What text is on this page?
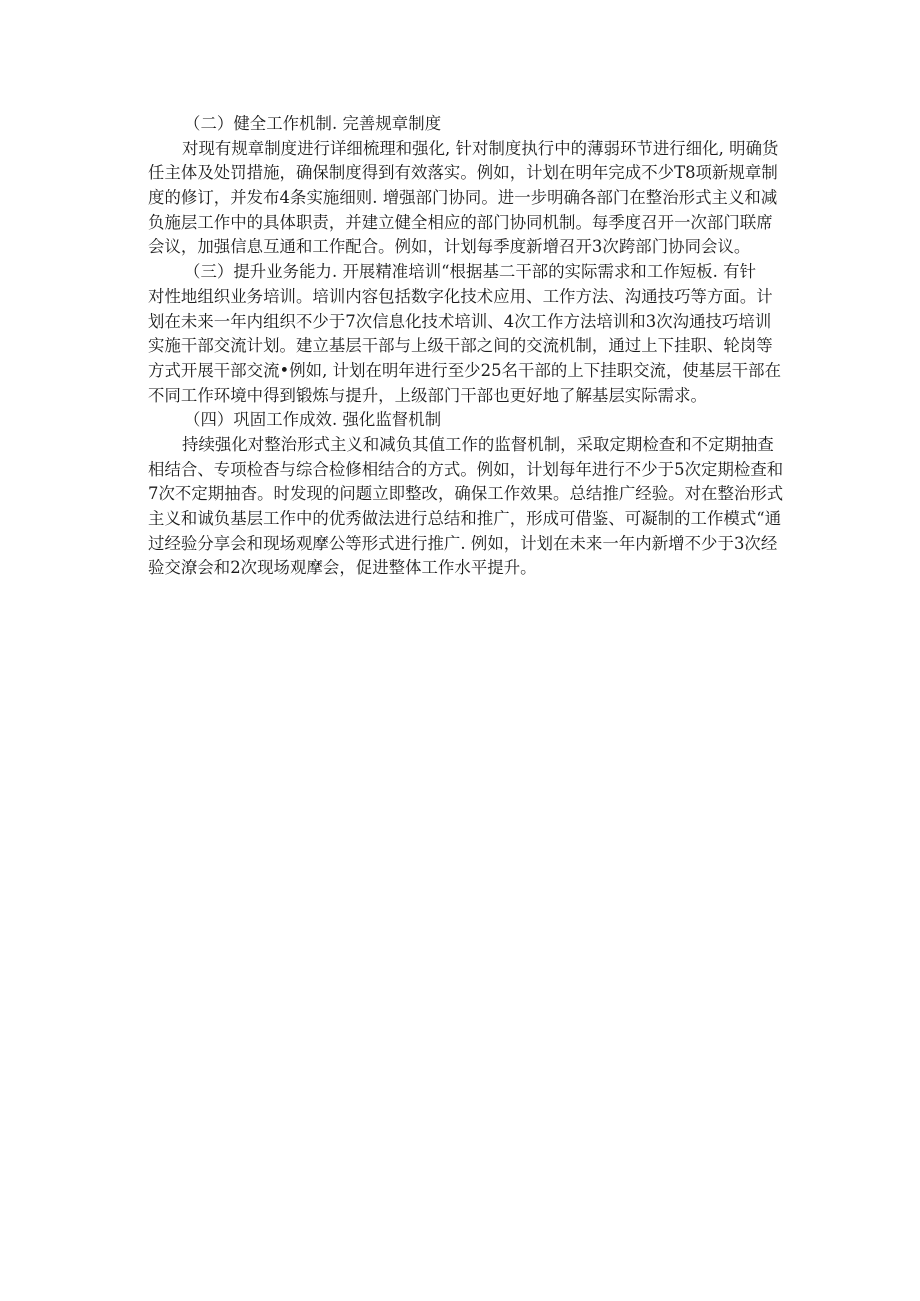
（二）健全工作机制. 完善规章制度
对现有规章制度进行详细梳理和强化, 针对制度执行中的薄弱环节进行细化, 明确货
任主体及处罚措施，确保制度得到有效落实。例如，计划在明年完成不少T8项新规章制
度的修订，并发布4条实施细则. 增强部门协同。进一步明确各部门在整治形式主义和减
负施层工作中的具体职责，并建立健全相应的部门协同机制。每季度召开一次部门联席
会议，加强信息互通和工作配合。例如，计划每季度新增召开3次跨部门协同会议。
（三）提升业务能力. 开展精准培训“根据基二干部的实际需求和工作短板. 有针
对性地组织业务培训。培训内容包括数字化技术应用、工作方法、沟通技巧等方面。计
划在未来一年内组织不少于7次信息化技术培训、4次工作方法培训和3次沟通技巧培训
实施干部交流计划。建立基层干部与上级干部之间的交流机制，通过上下挂职、轮岗等
方式开展干部交流•例如, 计划在明年进行至少25名干部的上下挂职交流，使基层干部在
不同工作环境中得到锻炼与提升，上级部门干部也更好地了解基层实际需求。
（四）巩固工作成效. 强化监督机制
持续强化对整治形式主义和减负其值工作的监督机制，采取定期检查和不定期抽查
相结合、专项检杳与综合检修相结合的方式。例如，计划每年进行不少于5次定期检查和
7次不定期抽杳。时发现的问题立即整改，确保工作效果。总结推广经验。对在整治形式
主义和诚负基层工作中的优秀做法进行总结和推广，形成可借鉴、可凝制的工作模式“通
过经验分享会和现场观摩公等形式进行推广. 例如，计划在未来一年内新增不少于3次经
验交潦会和2次现场观摩会，促进整体工作水平提升。
